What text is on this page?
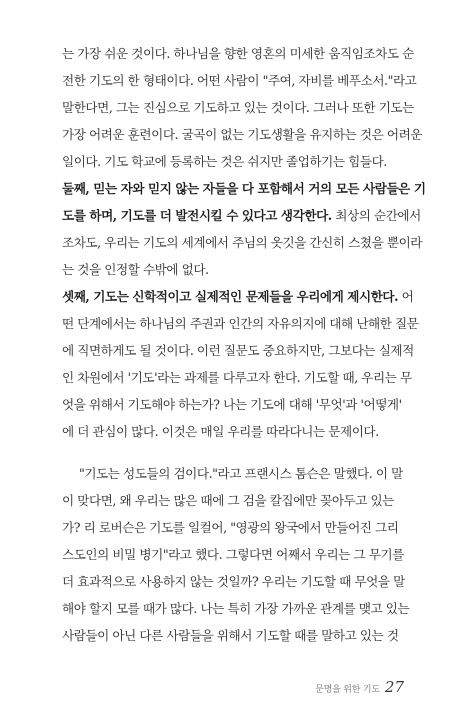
는 가장 쉬운 것이다. 하나님을 향한 영혼의 미세한 움직임조차도 순
전한 기도의 한 형태이다. 어떤 사람이 "주여, 자비를 베푸소서."라고
말한다면, 그는 진심으로 기도하고 있는 것이다. 그러나 또한 기도는
가장 어려운 훈련이다. 굴곡이 없는 기도생활을 유지하는 것은 어려운
일이다. 기도 학교에 등록하는 것은 쉬지만 졸업하기는 힘들다.
둘째, 믿는 자와 믿지 않는 자들을 다 포함해서 거의 모든 사람들은 기
도를 하며, 기도를 더 발전시킬 수 있다고 생각한다. 최상의 순간에서
조차도, 우리는 기도의 세계에서 주님의 옷깃을 간신히 스쳤을 뿐이라
는 것을 인정할 수밖에 없다.
셋째, 기도는 신학적이고 실제적인 문제들을 우리에게 제시한다. 어
떤 단계에서는 하나님의 주권과 인간의 자유의지에 대해 난해한 질문
에 직면하게도 될 것이다. 이런 질문도 중요하지만, 그보다는 실제적
인 차원에서 '기도'라는 과제를 다루고자 한다. 기도할 때, 우리는 무
엇을 위해서 기도해야 하는가? 나는 기도에 대해 '무엇'과 '어떻게'
에 더 관심이 많다. 이것은 매일 우리를 따라다니는 문제이다.
"기도는 성도들의 검이다."라고 프랜시스 톰슨은 말했다. 이 말
이 맞다면, 왜 우리는 많은 때에 그 검을 칼집에만 꽂아두고 있는
가? 리 로버슨은 기도를 일컬어, "영광의 왕국에서 만들어진 그리
스도인의 비밀 병기"라고 했다. 그렇다면 어째서 우리는 그 무기를
더 효과적으로 사용하지 않는 것일까? 우리는 기도할 때 무엇을 말
해야 할지 모를 때가 많다. 나는 특히 가장 가까운 관계를 맺고 있는
사람들이 아닌 다른 사람들을 위해서 기도할 때를 말하고 있는 것
문명을 위한 기도 27
